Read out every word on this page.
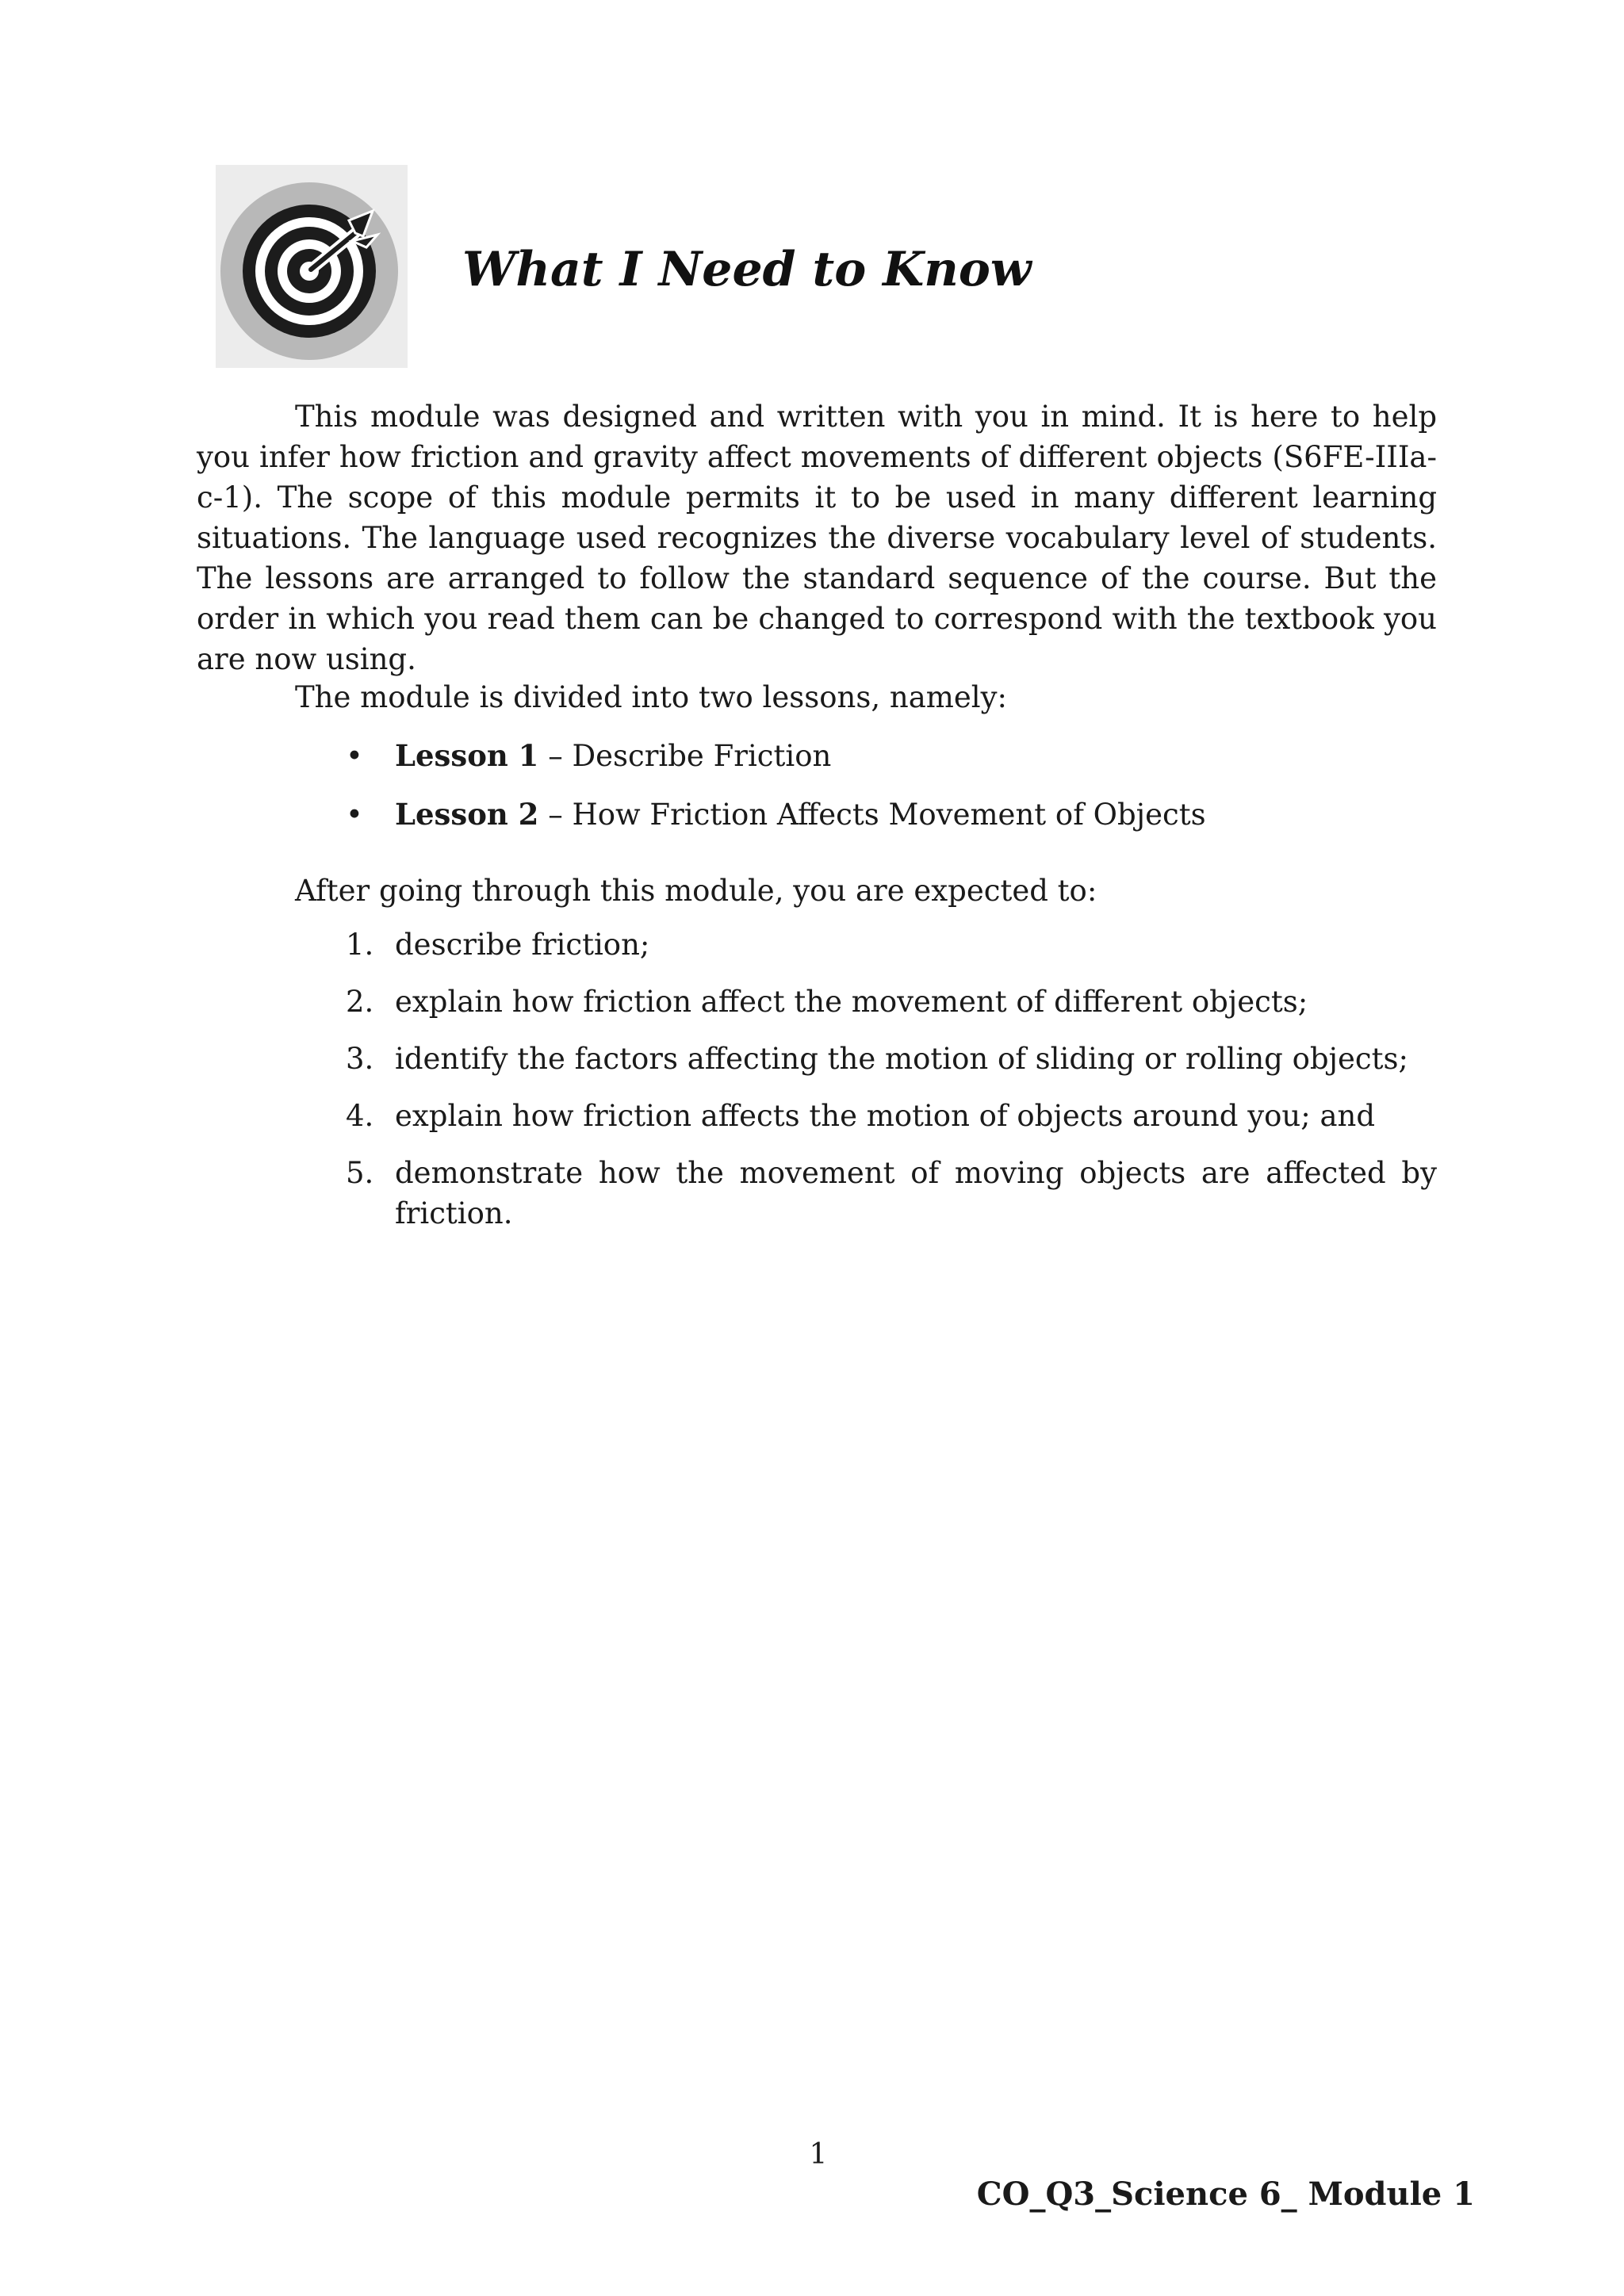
What I Need to Know

This module was designed and written with you in mind. It is here to help you infer how friction and gravity affect movements of different objects (S6FE-IIIa-c-1). The scope of this module permits it to be used in many different learning situations. The language used recognizes the diverse vocabulary level of students. The lessons are arranged to follow the standard sequence of the course. But the order in which you read them can be changed to correspond with the textbook you are now using.

The module is divided into two lessons, namely:

• Lesson 1 – Describe Friction
• Lesson 2 – How Friction Affects Movement of Objects

After going through this module, you are expected to:

1. describe friction;
2. explain how friction affect the movement of different objects;
3. identify the factors affecting the motion of sliding or rolling objects;
4. explain how friction affects the motion of objects around you; and
5. demonstrate how the movement of moving objects are affected by friction.

1

CO_Q3_Science 6_ Module 1
